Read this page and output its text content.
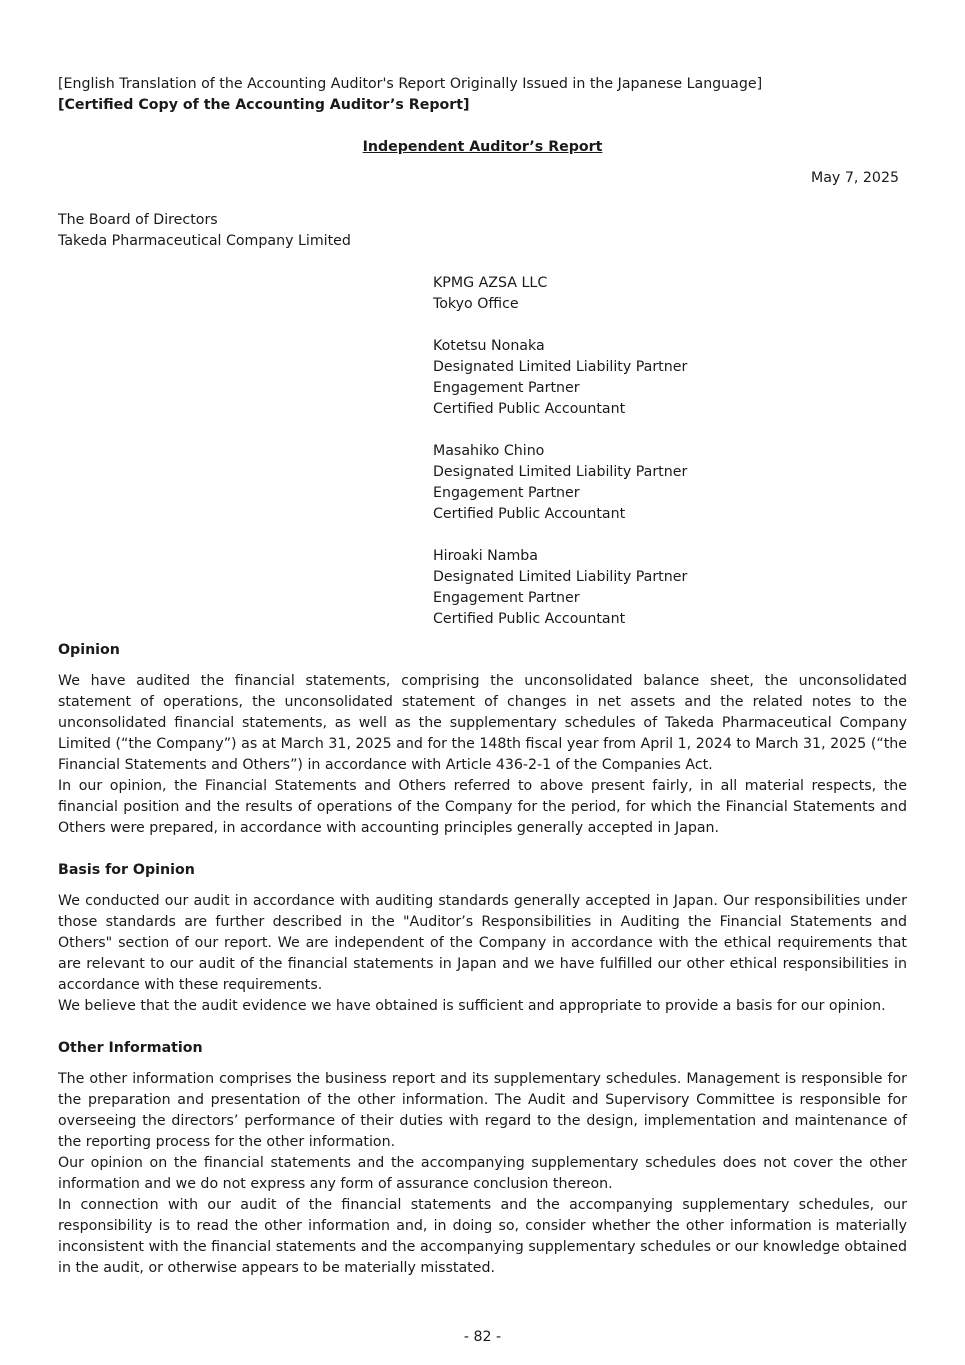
[English Translation of the Accounting Auditor's Report Originally Issued in the Japanese Language]
[Certified Copy of the Accounting Auditor’s Report]
Independent Auditor’s Report
May 7, 2025
The Board of Directors
Takeda Pharmaceutical Company Limited
KPMG AZSA LLC
Tokyo Office
Kotetsu Nonaka
Designated Limited Liability Partner
Engagement Partner
Certified Public Accountant
Masahiko Chino
Designated Limited Liability Partner
Engagement Partner
Certified Public Accountant
Hiroaki Namba
Designated Limited Liability Partner
Engagement Partner
Certified Public Accountant
Opinion
We have audited the financial statements, comprising the unconsolidated balance sheet, the unconsolidated statement of operations, the unconsolidated statement of changes in net assets and the related notes to the unconsolidated financial statements, as well as the supplementary schedules of Takeda Pharmaceutical Company Limited (“the Company”) as at March 31, 2025 and for the 148th fiscal year from April 1, 2024 to March 31, 2025 (“the Financial Statements and Others”) in accordance with Article 436-2-1 of the Companies Act.
In our opinion, the Financial Statements and Others referred to above present fairly, in all material respects, the financial position and the results of operations of the Company for the period, for which the Financial Statements and Others were prepared, in accordance with accounting principles generally accepted in Japan.
Basis for Opinion
We conducted our audit in accordance with auditing standards generally accepted in Japan. Our responsibilities under those standards are further described in the "Auditor’s Responsibilities in Auditing the Financial Statements and Others" section of our report. We are independent of the Company in accordance with the ethical requirements that are relevant to our audit of the financial statements in Japan and we have fulfilled our other ethical responsibilities in accordance with these requirements.
We believe that the audit evidence we have obtained is sufficient and appropriate to provide a basis for our opinion.
Other Information
The other information comprises the business report and its supplementary schedules. Management is responsible for the preparation and presentation of the other information. The Audit and Supervisory Committee is responsible for overseeing the directors’ performance of their duties with regard to the design, implementation and maintenance of the reporting process for the other information.
Our opinion on the financial statements and the accompanying supplementary schedules does not cover the other information and we do not express any form of assurance conclusion thereon.
In connection with our audit of the financial statements and the accompanying supplementary schedules, our responsibility is to read the other information and, in doing so, consider whether the other information is materially inconsistent with the financial statements and the accompanying supplementary schedules or our knowledge obtained in the audit, or otherwise appears to be materially misstated.
- 82 -
